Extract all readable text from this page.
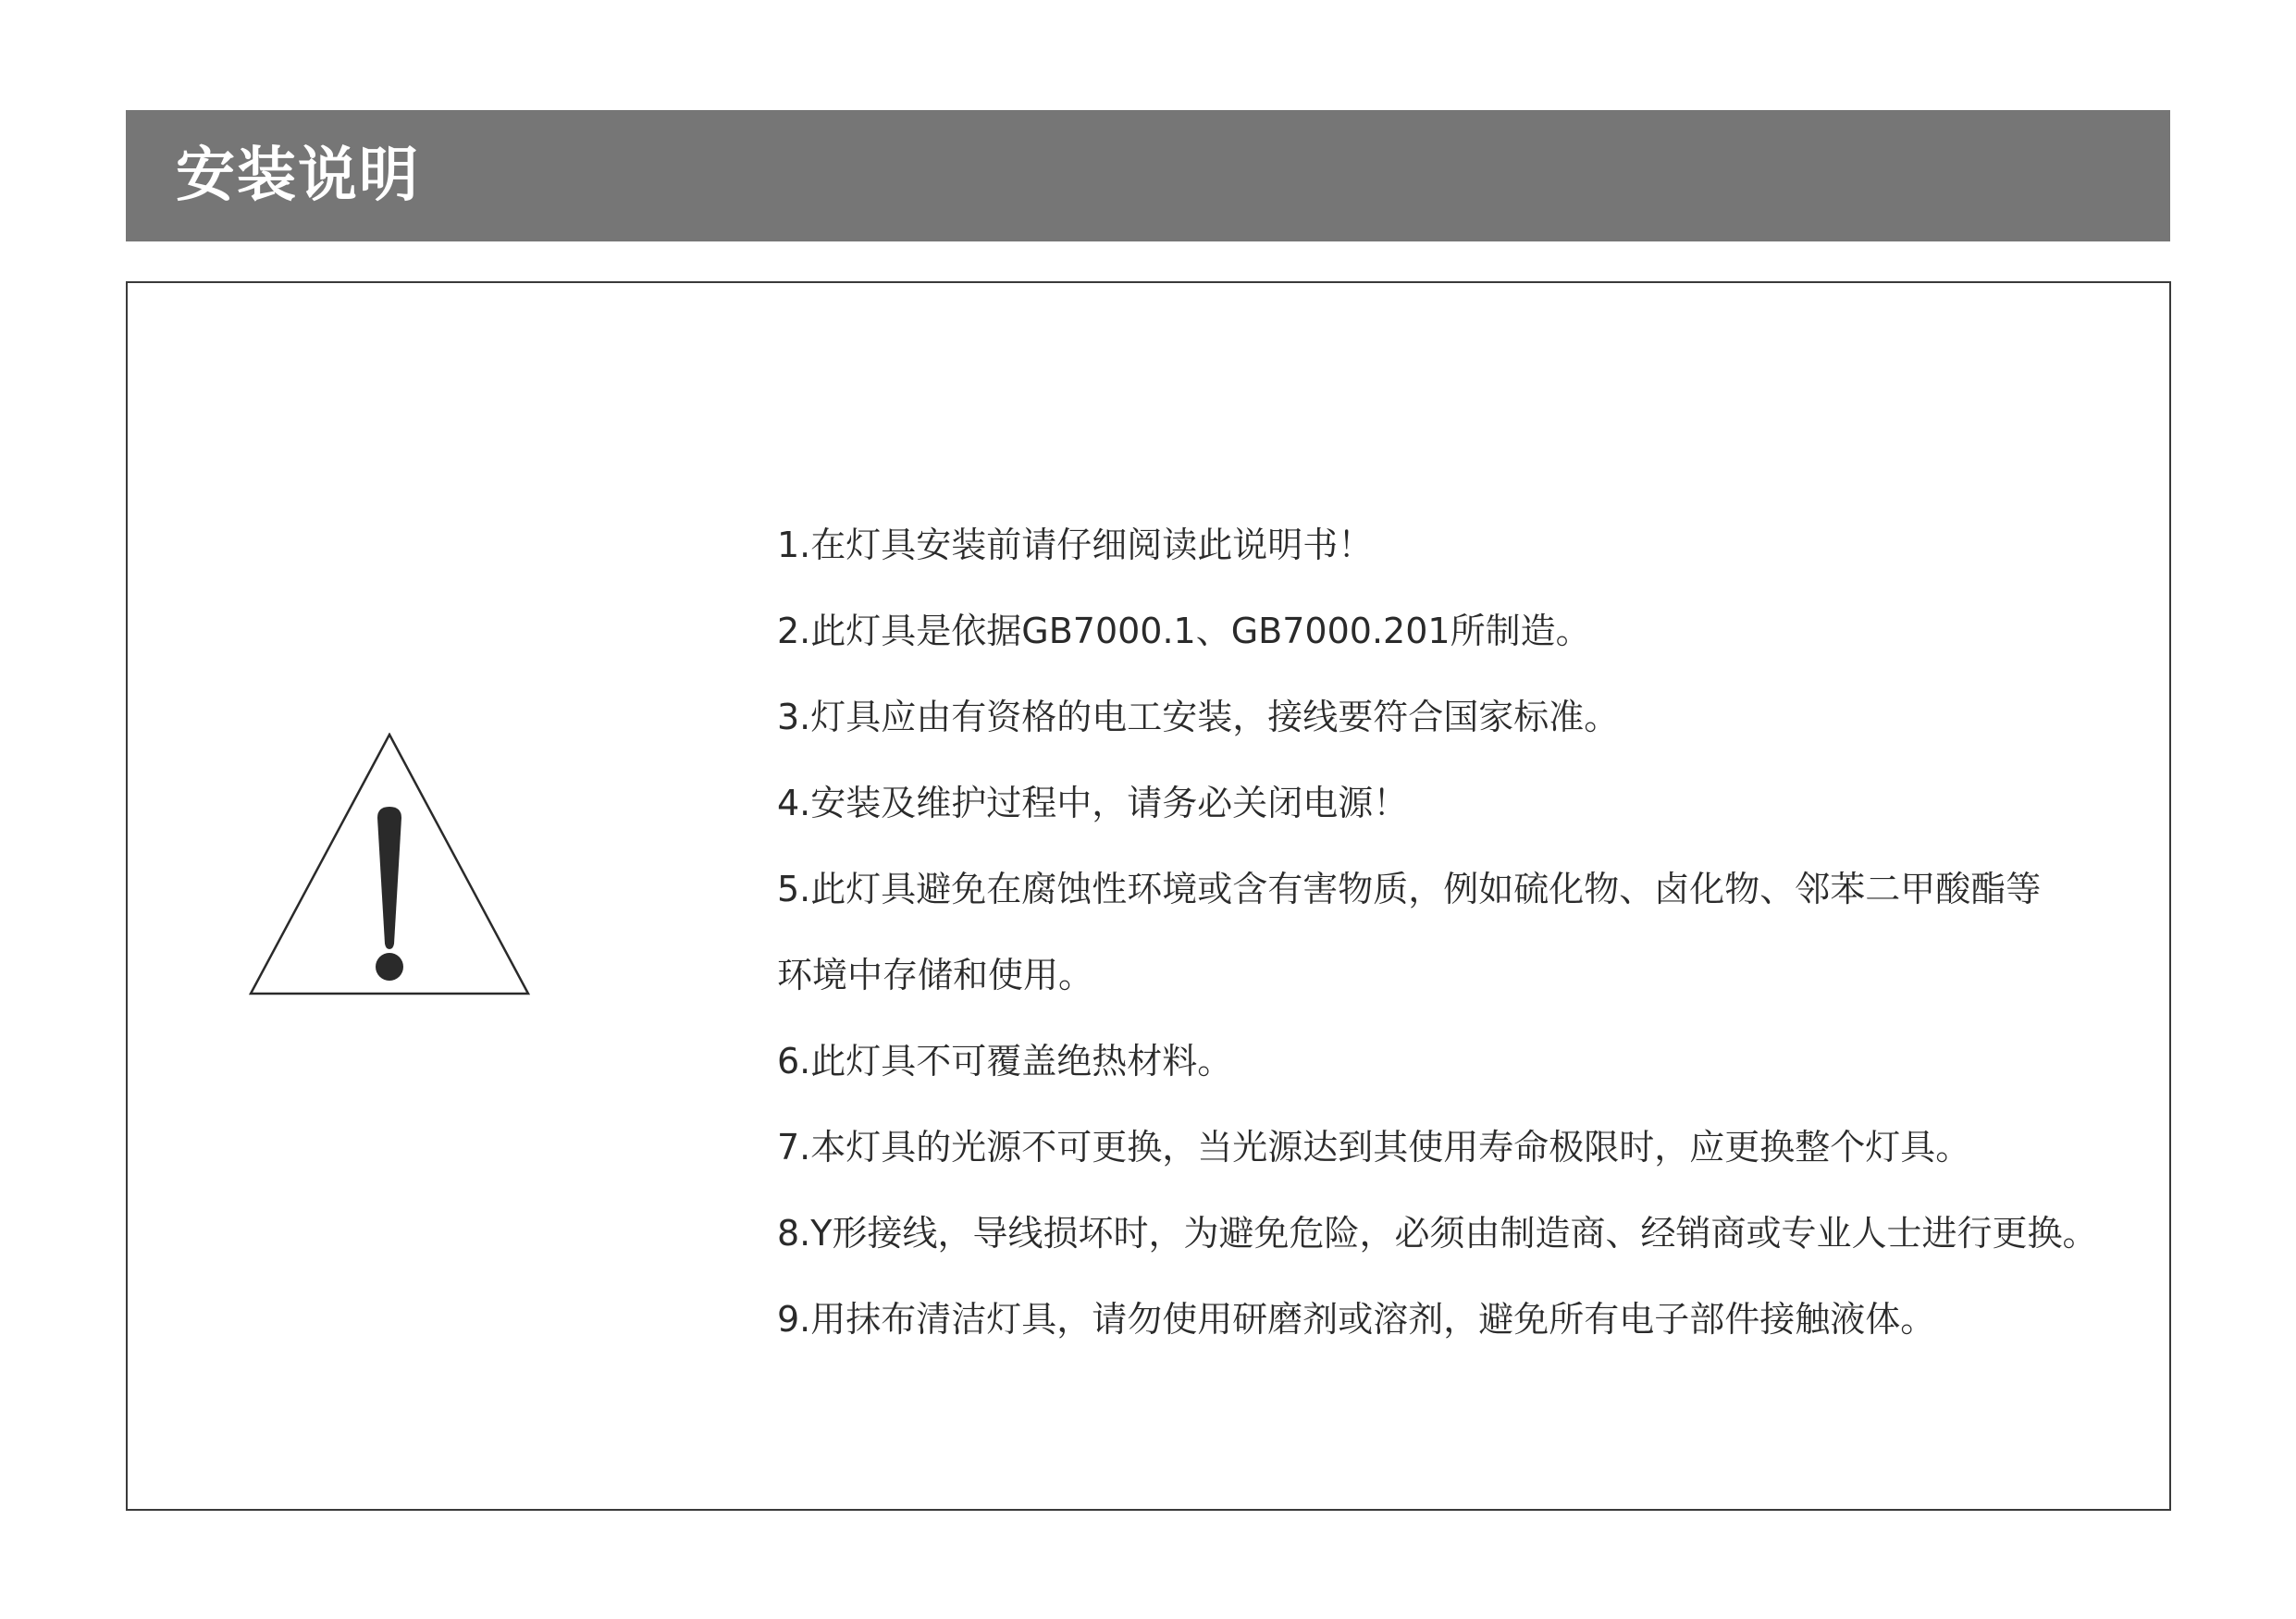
安装说明
1.在灯具安装前请仔细阅读此说明书！
2.此灯具是依据GB7000.1、GB7000.201所制造。
3.灯具应由有资格的电工安装，接线要符合国家标准。
4.安装及维护过程中，请务必关闭电源！
5.此灯具避免在腐蚀性环境或含有害物质，例如硫化物、卤化物、邻苯二甲酸酯等
环境中存储和使用。
6.此灯具不可覆盖绝热材料。
7.本灯具的光源不可更换，当光源达到其使用寿命极限时，应更换整个灯具。
8.Y形接线，导线损坏时，为避免危险，必须由制造商、经销商或专业人士进行更换。
9.用抹布清洁灯具，请勿使用研磨剂或溶剂，避免所有电子部件接触液体。
